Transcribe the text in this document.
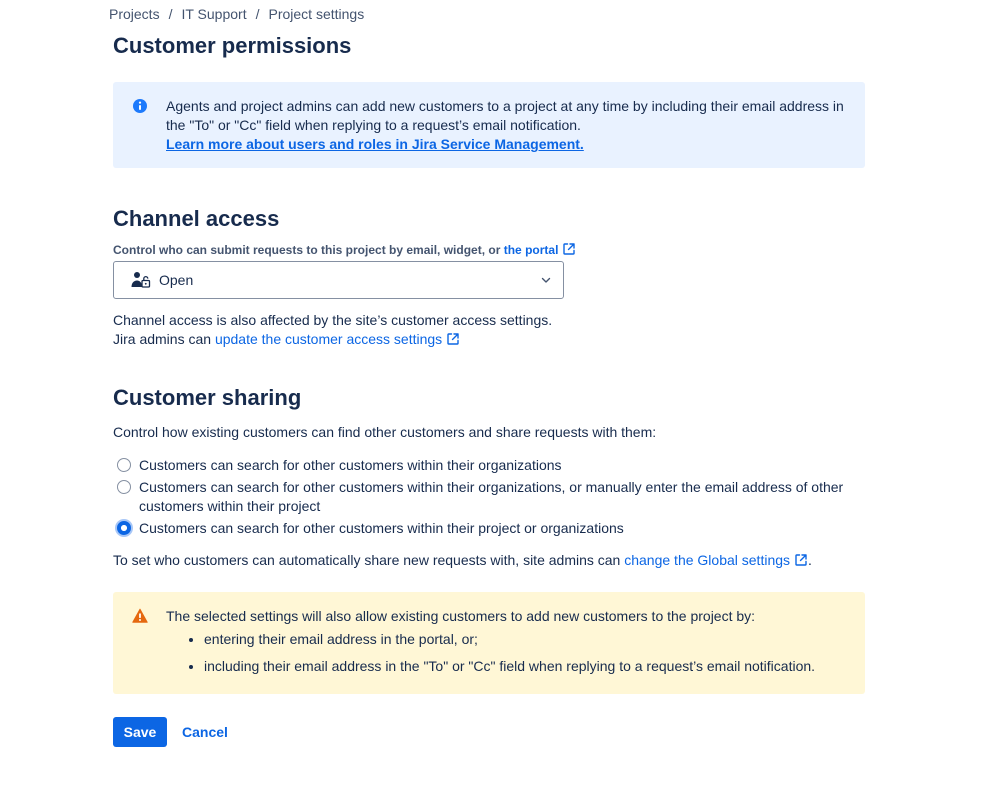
Projects / IT Support / Project settings
Customer permissions
Agents and project admins can add new customers to a project at any time by including their email address in the "To" or "Cc" field when replying to a request’s email notification.
Learn more about users and roles in Jira Service Management.
Channel access
Control who can submit requests to this project by email, widget, or the portal
Open
Channel access is also affected by the site’s customer access settings.
Jira admins can update the customer access settings
Customer sharing
Control how existing customers can find other customers and share requests with them:
Customers can search for other customers within their organizations
Customers can search for other customers within their organizations, or manually enter the email address of other customers within their project
Customers can search for other customers within their project or organizations
To set who customers can automatically share new requests with, site admins can change the Global settings .
The selected settings will also allow existing customers to add new customers to the project by:
• entering their email address in the portal, or;
• including their email address in the "To" or "Cc" field when replying to a request’s email notification.
Save	Cancel
